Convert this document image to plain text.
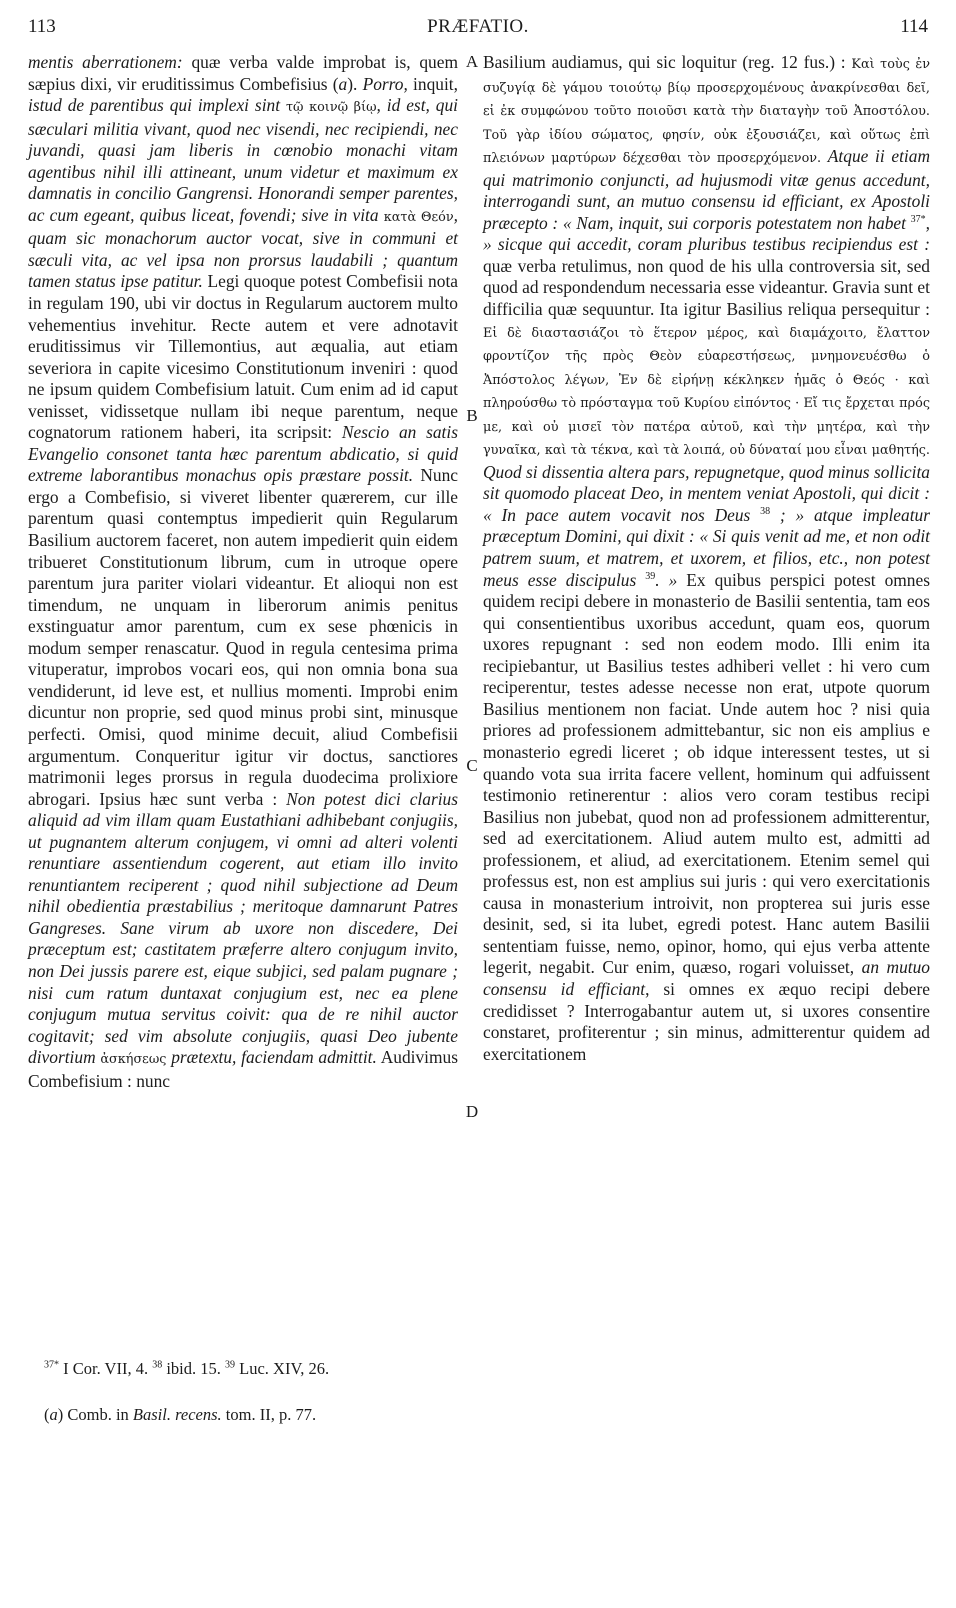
113	PRÆFATIO.	114

mentis aberrationem: quæ verba valde improbat is, quem sæpius dixi, vir eruditissimus Combefisius (a). Porro, inquit, istud de parentibus qui implexi sint τῷ κοινῷ βίῳ, id est, qui sæculari militia vivant, quod nec visendi, nec recipiendi, nec juvandi, quasi jam liberis in cœnobio monachi vitam agentibus nihil illi attineant, unum videtur et maximum ex damnatis in concilio Gangrensi. Honorandi semper parentes, ac cum egeant, quibus liceat, fovendi; sive in vita κατὰ Θεόν, quam sic monachorum auctor vocat, sive in communi et sæculi vita, ac vel ipsa non prorsus laudabili ; quantum tamen status ipse patitur. Legi quoque potest Combefisii nota in regulam 190, ubi vir doctus in Regularum auctorem multo vehementius invehitur. Recte autem et vere adnotavit eruditissimus vir Tillemontius, aut æqualia, aut etiam severiora in capite vicesimo Constitutionum inveniri : quod ne ipsum quidem Combefisium latuit. Cum enim ad id caput venisset, vidissetque nullam ibi neque parentum, neque cognatorum rationem haberi, ita scripsit: Nescio an satis Evangelio consonet tanta hæc parentum abdicatio, si quid extreme laborantibus monachus opis præstare possit. Nunc ergo a Combefisio, si viveret libenter quærerem, cur ille parentum quasi contemptus impedierit quin Regularum Basilium auctorem faceret, non autem impedierit quin eidem tribueret Constitutionum librum, cum in utroque opere parentum jura pariter violari videantur. Et alioqui non est timendum, ne unquam in liberorum animis penitus exstinguatur amor parentum, cum ex sese phœnicis in modum semper renascatur. Quod in regula centesima prima vituperatur, improbos vocari eos, qui non omnia bona sua vendiderunt, id leve est, et nullius momenti. Improbi enim dicuntur non proprie, sed quod minus probi sint, minusque perfecti. Omisi, quod minime decuit, aliud Combefisii argumentum. Conqueritur igitur vir doctus, sanctiores matrimonii leges prorsus in regula duodecima prolixiore abrogari. Ipsius hæc sunt verba : Non potest dici clarius aliquid ad vim illam quam Eustathiani adhibebant conjugiis, ut pugnantem alterum conjugem, vi omni ad alteri volenti renuntiare assentiendum cogerent, aut etiam illo invito renuntiantem reciperent ; quod nihil subjectione ad Deum nihil obedientia præstabilius ; meritoque damnarunt Patres Gangreses. Sane virum ab uxore non discedere, Dei præceptum est; castitatem præferre altero conjugum invito, non Dei jussis parere est, eique subjici, sed palam pugnare ; nisi cum ratum duntaxat conjugium est, nec ea plene conjugum mutua servitus coivit: qua de re nihil auctor cogitavit; sed vim absolute conjugiis, quasi Deo jubente divortium ἀσκήσεως prætextu, faciendam admittit. Audivimus Combefisium : nunc

A
B
C
D

Basilium audiamus, qui sic loquitur (reg. 12 fus.) : Καὶ τοὺς ἐν συζυγίᾳ δὲ γάμου τοιούτῳ βίῳ προσερχομένους ἀνακρίνεσθαι δεῖ, εἰ ἐκ συμφώνου τοῦτο ποιοῦσι κατὰ τὴν διαταγὴν τοῦ Ἀποστόλου. Τοῦ γὰρ ἰδίου σώματος, φησίν, οὐκ ἐξουσιάζει, καὶ οὕτως ἐπὶ πλειόνων μαρτύρων δέχεσθαι τὸν προσερχόμενον. Atque ii etiam qui matrimonio conjuncti, ad hujusmodi vitæ genus accedunt, interrogandi sunt, an mutuo consensu id efficiant, ex Apostoli præcepto : « Nam, inquit, sui corporis potestatem non habet $^{37*}$, » sicque qui accedit, coram pluribus testibus recipiendus est : quæ verba retulimus, non quod de his ulla controversia sit, sed quod ad respondendum necessaria esse videantur. Gravia sunt et difficilia quæ sequuntur. Ita igitur Basilius reliqua persequitur : Εἰ δὲ διαστασιάζοι τὸ ἕτερον μέρος, καὶ διαμάχοιτο, ἔλαττον φροντίζον τῆς πρὸς Θεὸν εὐαρεστήσεως, μνημονευέσθω ὁ Ἀπόστολος λέγων, Ἐν δὲ εἰρήνῃ κέκληκεν ἡμᾶς ὁ Θεός · καὶ πληρούσθω τὸ πρόσταγμα τοῦ Κυρίου εἰπόντος · Εἴ τις ἔρχεται πρός με, καὶ οὐ μισεῖ τὸν πατέρα αὐτοῦ, καὶ τὴν μητέρα, καὶ τὴν γυναῖκα, καὶ τὰ τέκνα, καὶ τὰ λοιπά, οὐ δύναταί μου εἶναι μαθητής. Quod si dissentia altera pars, repugnetque, quod minus sollicita sit quomodo placeat Deo, in mentem veniat Apostoli, qui dicit : « In pace autem vocavit nos Deus $^{38}$ ; » atque impleatur præceptum Domini, qui dixit : « Si quis venit ad me, et non odit patrem suum, et matrem, et uxorem, et filios, etc., non potest meus esse discipulus $^{39}$. » Ex quibus perspici potest omnes quidem recipi debere in monasterio de Basilii sententia, tam eos qui consentientibus uxoribus accedunt, quam eos, quorum uxores repugnant : sed non eodem modo. Illi enim ita recipiebantur, ut Basilius testes adhiberi vellet : hi vero cum reciperentur, testes adesse necesse non erat, utpote quorum Basilius mentionem non faciat. Unde autem hoc ? nisi quia priores ad professionem admittebantur, sic non eis amplius e monasterio egredi liceret ; ob idque interessent testes, ut si quando vota sua irrita facere vellent, hominum qui adfuissent testimonio retinerentur : alios vero coram testibus recipi Basilius non jubebat, quod non ad professionem admitterentur, sed ad exercitationem. Aliud autem multo est, admitti ad professionem, et aliud, ad exercitationem. Etenim semel qui professus est, non est amplius sui juris : qui vero exercitationis causa in monasterium introivit, non propterea sui juris esse desinit, sed, si ita lubet, egredi potest. Hanc autem Basilii sententiam fuisse, nemo, opinor, homo, qui ejus verba attente legerit, negabit. Cur enim, quæso, rogari voluisset, an mutuo consensu id efficiant, si omnes ex æquo recipi debere credidisset ? Interrogabantur autem ut, si uxores consentire constaret, profiterentur ; sin minus, admitterentur quidem ad exercitationem

$^{37*}$ I Cor. VII, 4. $^{38}$ ibid. 15. $^{39}$ Luc. XIV, 26.

(a) Comb. in Basil. recens. tom. II, p. 77.
